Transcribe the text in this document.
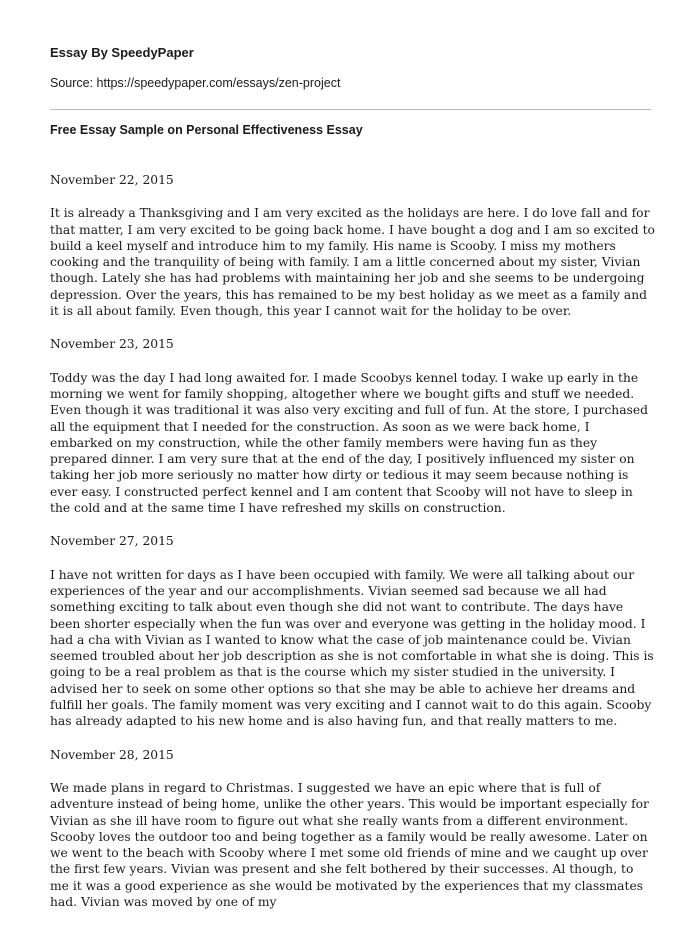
Essay By SpeedyPaper

Source: https://speedypaper.com/essays/zen-project

Free Essay Sample on Personal Effectiveness Essay

November 22, 2015

It is already a Thanksgiving and I am very excited as the holidays are here. I do love fall and for that matter, I am very excited to be going back home. I have bought a dog and I am so excited to build a keel myself and introduce him to my family. His name is Scooby. I miss my mothers cooking and the tranquility of being with family. I am a little concerned about my sister, Vivian though. Lately she has had problems with maintaining her job and she seems to be undergoing depression. Over the years, this has remained to be my best holiday as we meet as a family and it is all about family. Even though, this year I cannot wait for the holiday to be over.

November 23, 2015

Toddy was the day I had long awaited for. I made Scoobys kennel today. I wake up early in the morning we went for family shopping, altogether where we bought gifts and stuff we needed. Even though it was traditional it was also very exciting and full of fun. At the store, I purchased all the equipment that I needed for the construction. As soon as we were back home, I embarked on my construction, while the other family members were having fun as they prepared dinner. I am very sure that at the end of the day, I positively influenced my sister on taking her job more seriously no matter how dirty or tedious it may seem because nothing is ever easy. I constructed perfect kennel and I am content that Scooby will not have to sleep in the cold and at the same time I have refreshed my skills on construction.

November 27, 2015

I have not written for days as I have been occupied with family. We were all talking about our experiences of the year and our accomplishments. Vivian seemed sad because we all had something exciting to talk about even though she did not want to contribute. The days have been shorter especially when the fun was over and everyone was getting in the holiday mood. I had a cha with Vivian as I wanted to know what the case of job maintenance could be. Vivian seemed troubled about her job description as she is not comfortable in what she is doing. This is going to be a real problem as that is the course which my sister studied in the university. I advised her to seek on some other options so that she may be able to achieve her dreams and fulfill her goals. The family moment was very exciting and I cannot wait to do this again. Scooby has already adapted to his new home and is also having fun, and that really matters to me.

November 28, 2015

We made plans in regard to Christmas. I suggested we have an epic where that is full of adventure instead of being home, unlike the other years. This would be important especially for Vivian as she ill have room to figure out what she really wants from a different environment. Scooby loves the outdoor too and being together as a family would be really awesome. Later on we went to the beach with Scooby where I met some old friends of mine and we caught up over the first few years. Vivian was present and she felt bothered by their successes. Al though, to me it was a good experience as she would be motivated by the experiences that my classmates had. Vivian was moved by one of my
